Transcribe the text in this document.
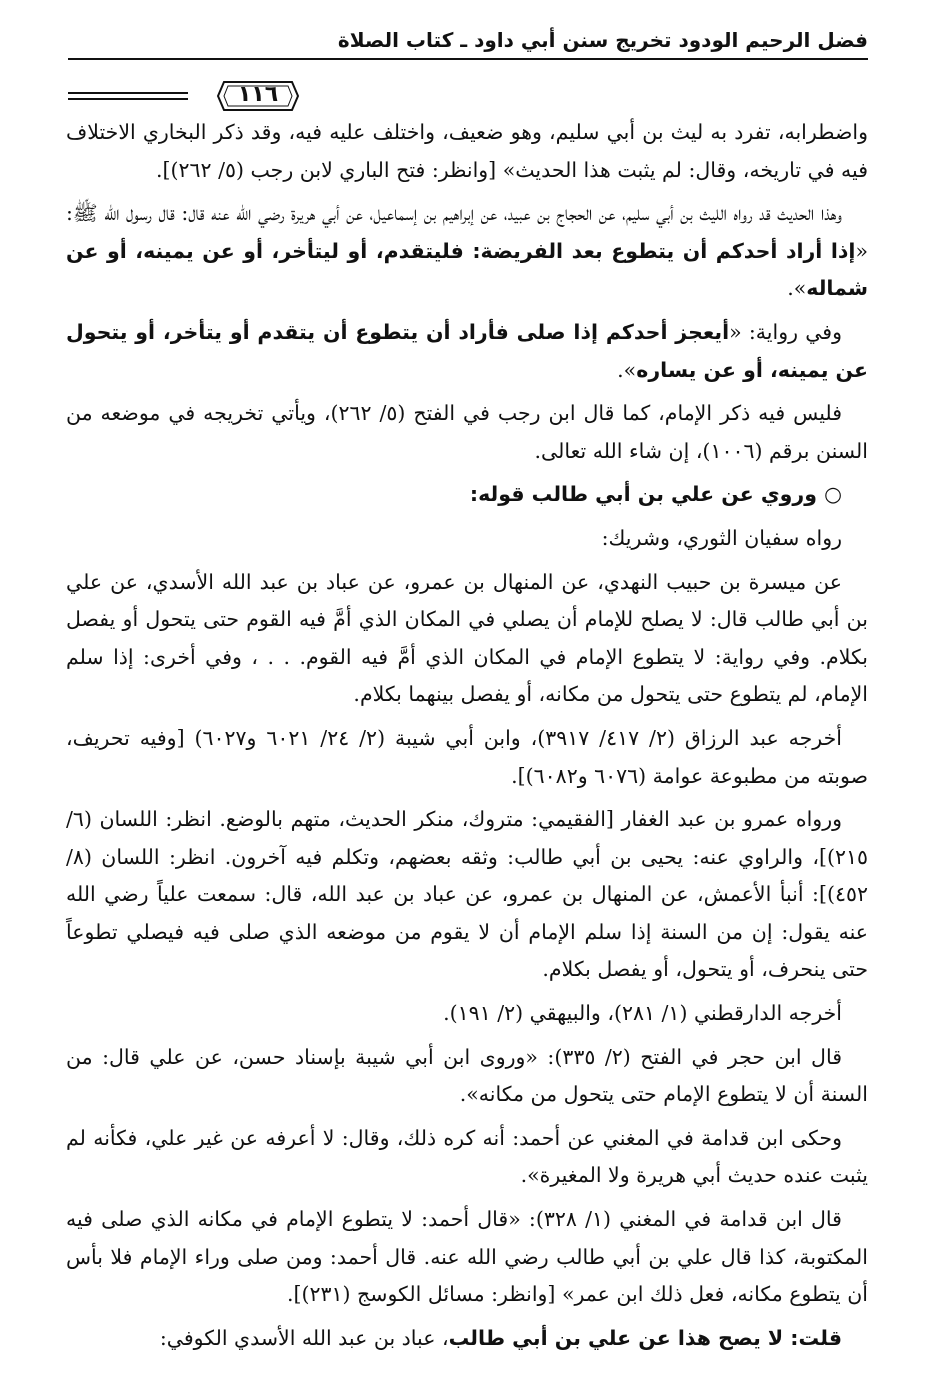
فضل الرحيم الودود تخريج سنن أبي داود ـ كتاب الصلاة
١١٦

واضطرابه، تفرد به ليث بن أبي سليم، وهو ضعيف، واختلف عليه فيه، وقد ذكر البخاري الاختلاف فيه في تاريخه، وقال: لم يثبت هذا الحديث» [وانظر: فتح الباري لابن رجب (٥/ ٢٦٢)].

وهذا الحديث قد رواه الليث بن أبي سليم، عن الحجاج بن عبيد، عن إبراهيم بن إسماعيل، عن أبي هريرة رضي الله عنه قال: قال رسول الله ﷺ: «إذا أراد أحدكم أن يتطوع بعد الفريضة: فليتقدم، أو ليتأخر، أو عن يمينه، أو عن شماله».

وفي رواية: «أيعجز أحدكم إذا صلى فأراد أن يتطوع أن يتقدم أو يتأخر، أو يتحول عن يمينه، أو عن يساره».

فليس فيه ذكر الإمام، كما قال ابن رجب في الفتح (٥/ ٢٦٢)، ويأتي تخريجه في موضعه من السنن برقم (١٠٠٦)، إن شاء الله تعالى.

○ وروي عن علي بن أبي طالب قوله:

رواه سفيان الثوري، وشريك:

عن ميسرة بن حبيب النهدي، عن المنهال بن عمرو، عن عباد بن عبد الله الأسدي، عن علي بن أبي طالب قال: لا يصلح للإمام أن يصلي في المكان الذي أمَّ فيه القوم حتى يتحول أو يفصل بكلام. وفي رواية: لا يتطوع الإمام في المكان الذي أمَّ فيه القوم. . . ، وفي أخرى: إذا سلم الإمام، لم يتطوع حتى يتحول من مكانه، أو يفصل بينهما بكلام.

أخرجه عبد الرزاق (٢/ ٤١٧/ ٣٩١٧)، وابن أبي شيبة (٢/ ٢٤/ ٦٠٢١ و٦٠٢٧) [وفيه تحريف، صوبته من مطبوعة عوامة (٦٠٧٦ و٦٠٨٢)].

ورواه عمرو بن عبد الغفار [الفقيمي: متروك، منكر الحديث، متهم بالوضع. انظر: اللسان (٦/ ٢١٥)]، والراوي عنه: يحيى بن أبي طالب: وثقه بعضهم، وتكلم فيه آخرون. انظر: اللسان (٨/ ٤٥٢)]: أنبأ الأعمش، عن المنهال بن عمرو، عن عباد بن عبد الله، قال: سمعت علياً رضي الله عنه يقول: إن من السنة إذا سلم الإمام أن لا يقوم من موضعه الذي صلى فيه فيصلي تطوعاً حتى ينحرف، أو يتحول، أو يفصل بكلام.

أخرجه الدارقطني (١/ ٢٨١)، والبيهقي (٢/ ١٩١).

قال ابن حجر في الفتح (٢/ ٣٣٥): «وروى ابن أبي شيبة بإسناد حسن، عن علي قال: من السنة أن لا يتطوع الإمام حتى يتحول من مكانه».

وحكى ابن قدامة في المغني عن أحمد: أنه كره ذلك، وقال: لا أعرفه عن غير علي، فكأنه لم يثبت عنده حديث أبي هريرة ولا المغيرة».

قال ابن قدامة في المغني (١/ ٣٢٨): «قال أحمد: لا يتطوع الإمام في مكانه الذي صلى فيه المكتوبة، كذا قال علي بن أبي طالب رضي الله عنه. قال أحمد: ومن صلى وراء الإمام فلا بأس أن يتطوع مكانه، فعل ذلك ابن عمر» [وانظر: مسائل الكوسج (٢٣١)].

قلت: لا يصح هذا عن علي بن أبي طالب، عباد بن عبد الله الأسدي الكوفي:
